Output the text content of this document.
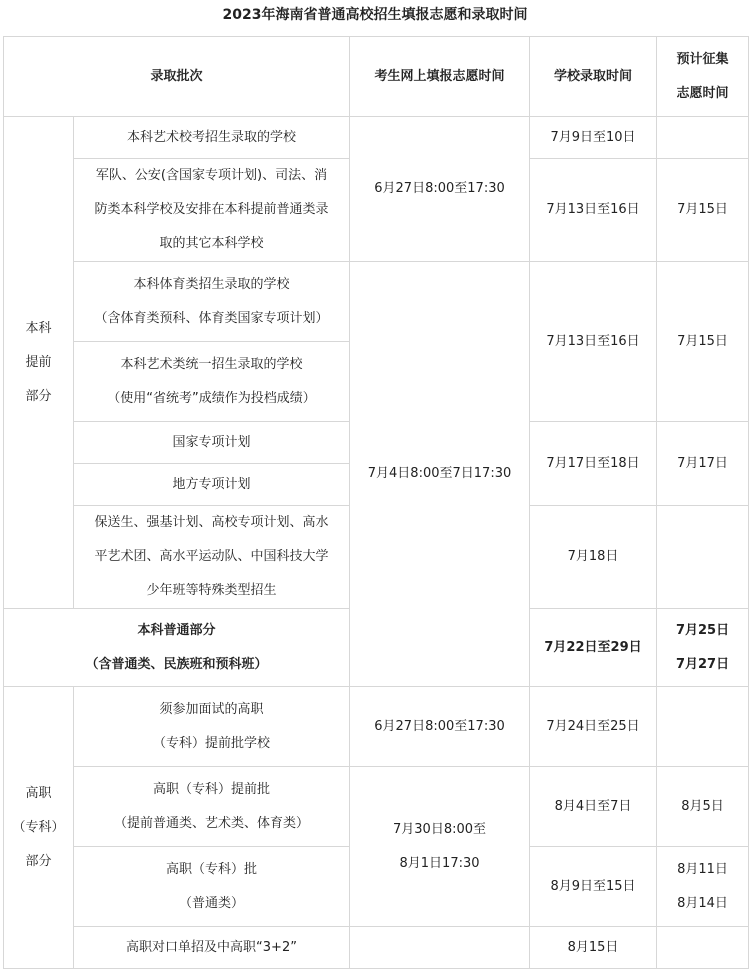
2023年海南省普通高校招生填报志愿和录取时间
录取批次		考生网上填报志愿时间	学校录取时间	预计征集
志愿时间

本科
提前
部分	本科艺术校考招生录取的学校	6月27日8:00至17:30	7月9日至10日	

	军队、公安(含国家专项计划)、司法、消
防类本科学校及安排在本科提前普通类录
取的其它本科学校		7月13日至16日	7月15日

	本科体育类招生录取的学校
（含体育类预科、体育类国家专项计划）	7月4日8:00至7日17:30	7月13日至16日	7月15日

	本科艺术类统一招生录取的学校
（使用“省统考”成绩作为投档成绩）			

	国家专项计划		7月17日至18日	7月17日
	地方专项计划			

	保送生、强基计划、高校专项计划、高水
平艺术团、高水平运动队、中国科技大学
少年班等特殊类型招生		7月18日	

本科普通部分
（含普通类、民族班和预科班）			7月22日至29日	7月25日
7月27日

高职
（专科）
部分	须参加面试的高职
（专科）提前批学校	6月27日8:00至17:30	7月24日至25日	

	高职（专科）提前批
（提前普通类、艺术类、体育类）	7月30日8:00至
8月1日17:30	8月4日至7日	8月5日

	高职（专科）批
（普通类）		8月9日至15日	8月11日
8月14日

	高职对口单招及中高职“3+2”		8月15日	
